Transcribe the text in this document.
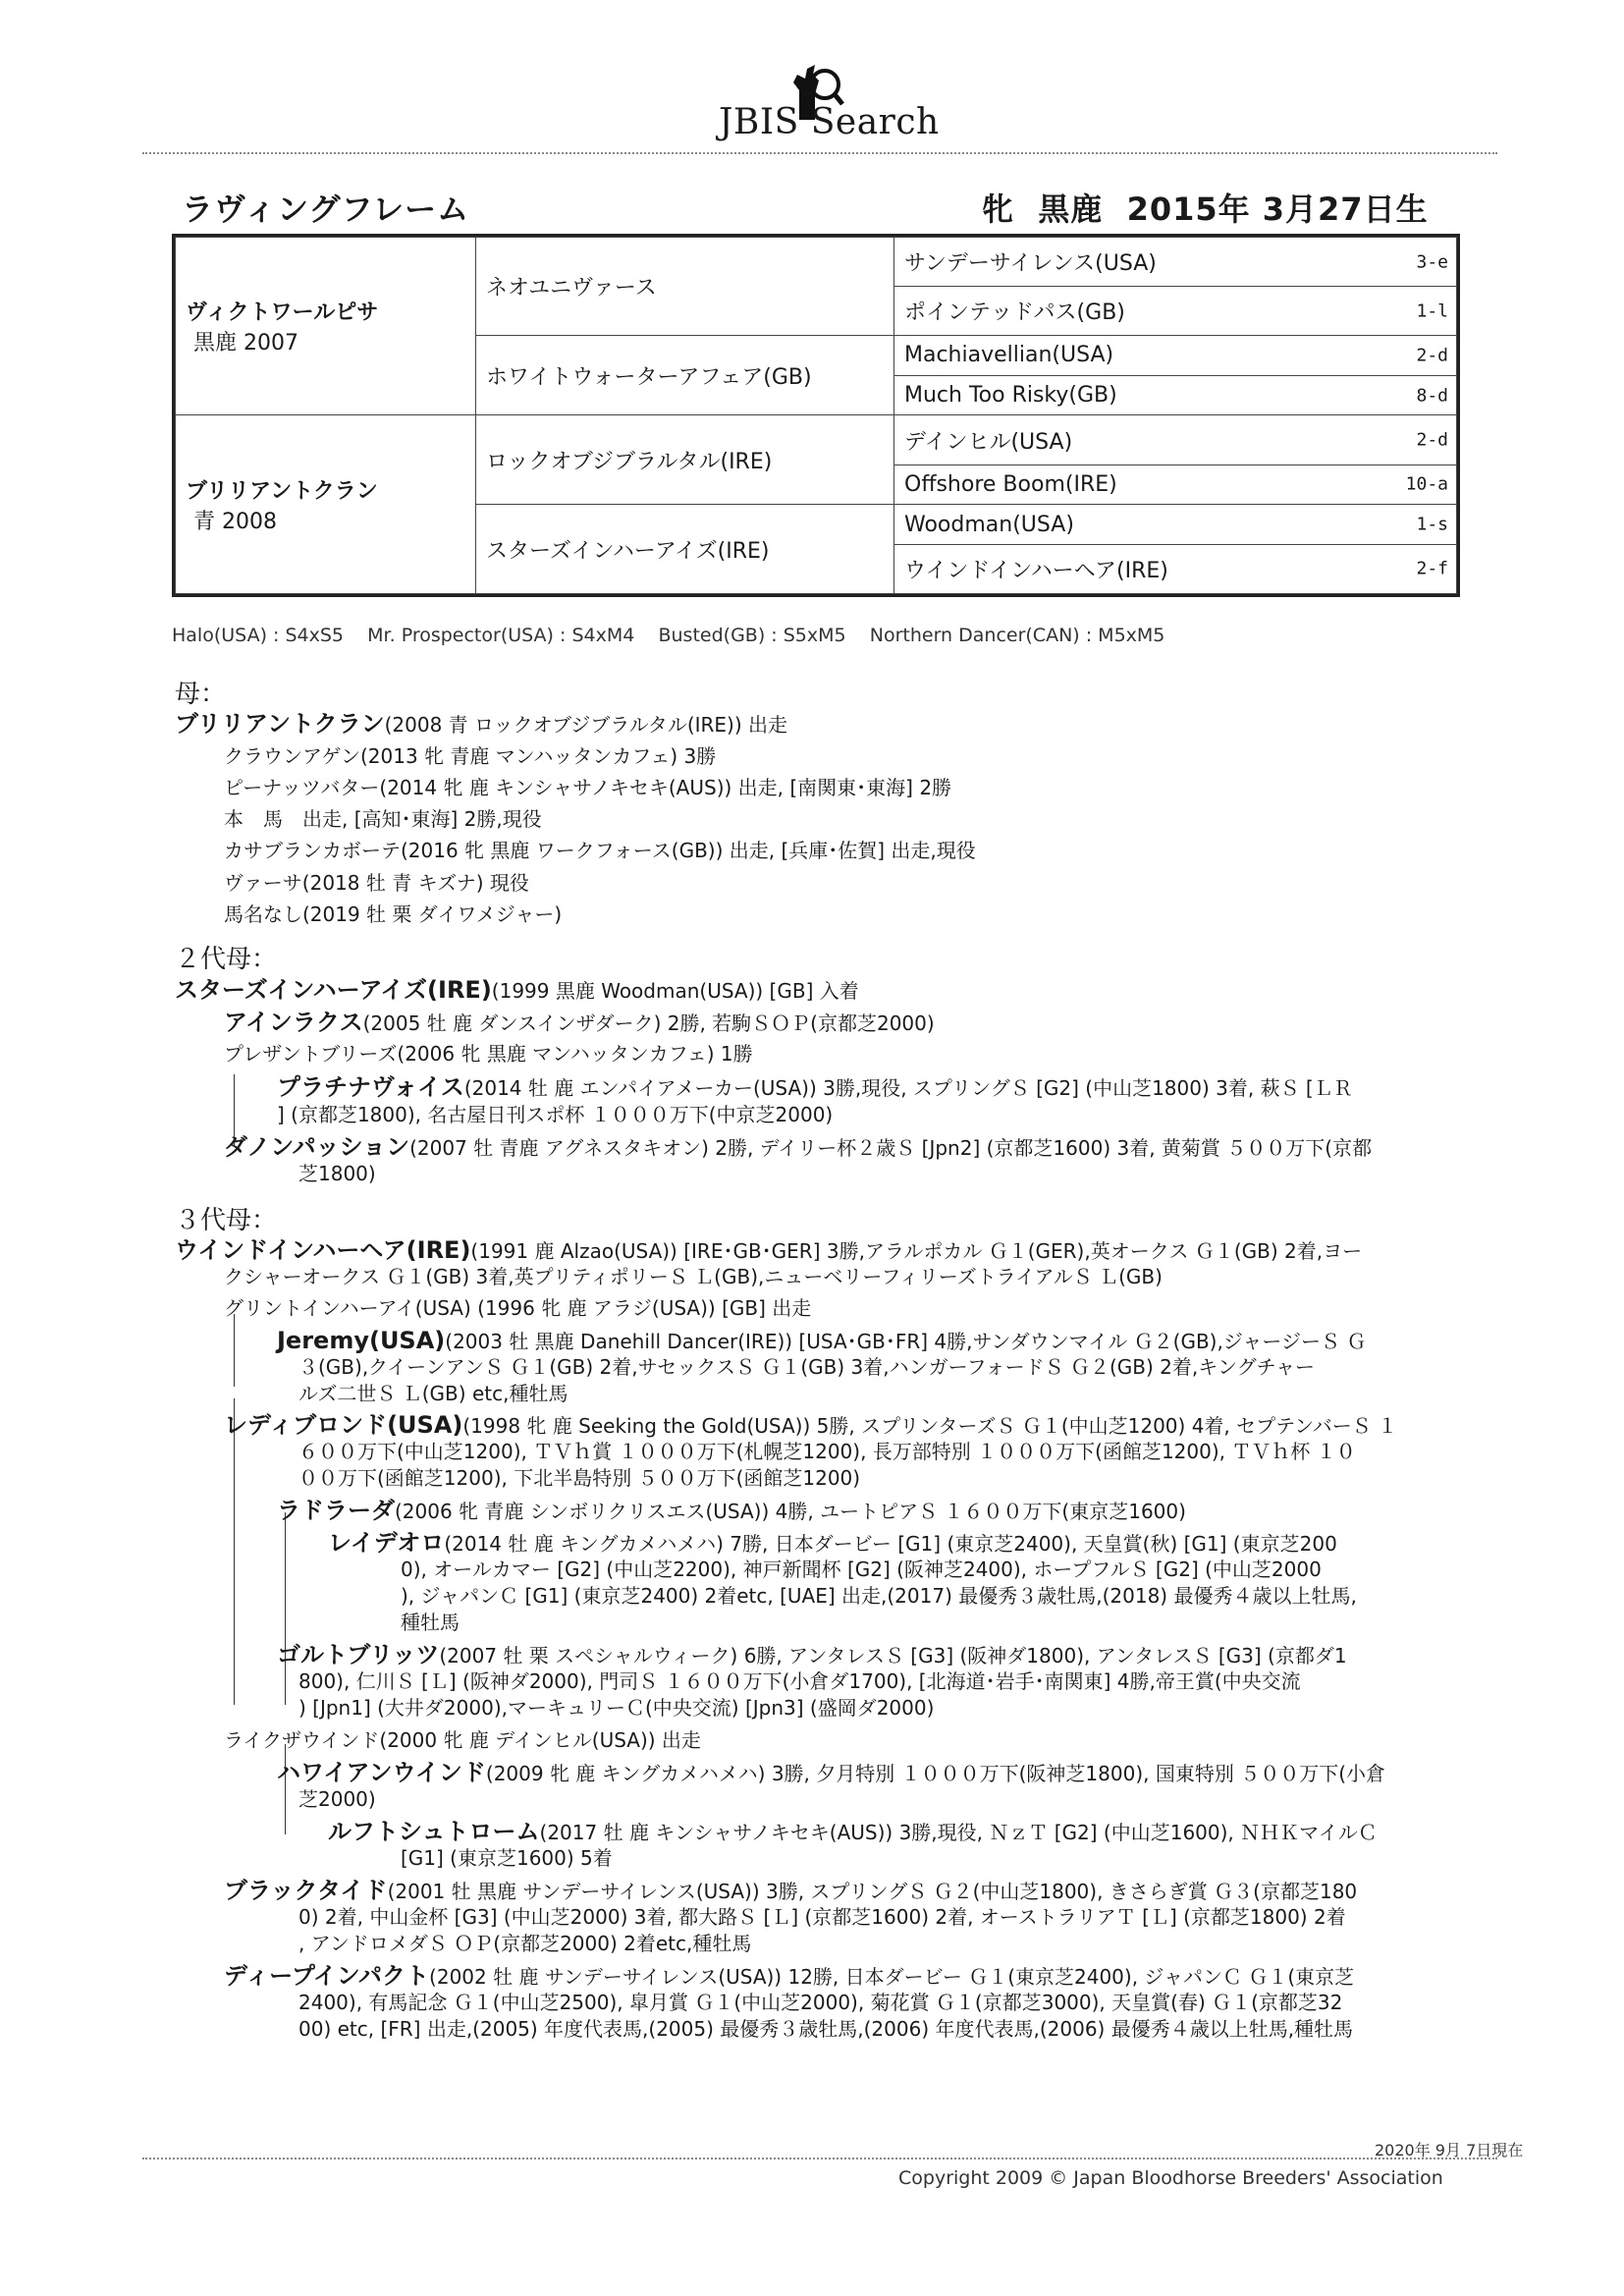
JBIS Search
ラヴィングフレーム	牝  黒鹿  2015年 3月27日生
ヴィクトワールピサ
黒鹿 2007	ネオユニヴァース	サンデーサイレンス(USA) 3-e

		ポインテッドパス(GB) 1-l

	ホワイトウォーターアフェア(GB)	Machiavellian(USA) 2-d

		Much Too Risky(GB) 8-d

ブリリアントクラン
青 2008	ロックオブジブラルタル(IRE)	デインヒル(USA) 2-d

		Offshore Boom(IRE) 10-a

	スターズインハーアイズ(IRE)	Woodman(USA) 1-s

		ウインドインハーヘア(IRE) 2-f
Halo(USA) : S4xS5    Mr. Prospector(USA) : S4xM4    Busted(GB) : S5xM5    Northern Dancer(CAN) : M5xM5
母：
２代母：
３代母：
ブリリアントクラン(2008 青 ロックオブジブラルタル(IRE)) 出走
クラウンアゲン(2013 牝 青鹿 マンハッタンカフェ) 3勝
ピーナッツバター(2014 牝 鹿 キンシャサノキセキ(AUS)) 出走, [南関東･東海] 2勝
本　馬　出走, [高知･東海] 2勝,現役
カサブランカボーテ(2016 牝 黒鹿 ワークフォース(GB)) 出走, [兵庫･佐賀] 出走,現役
ヴァーサ(2018 牡 青 キズナ) 現役
馬名なし(2019 牡 栗 ダイワメジャー)
スターズインハーアイズ(IRE)(1999 黒鹿 Woodman(USA)) [GB] 入着
アインラクス(2005 牡 鹿 ダンスインザダーク) 2勝, 若駒ＳＯＰ(京都芝2000)
プレザントブリーズ(2006 牝 黒鹿 マンハッタンカフェ) 1勝
プラチナヴォイス(2014 牡 鹿 エンパイアメーカー(USA)) 3勝,現役, スプリングＳ [G2] (中山芝1800) 3着, 萩Ｓ [ＬＲ
] (京都芝1800), 名古屋日刊スポ杯 １０００万下(中京芝2000)
ダノンパッション(2007 牡 青鹿 アグネスタキオン) 2勝, デイリー杯２歳Ｓ [Jpn2] (京都芝1600) 3着, 黄菊賞 ５００万下(京都
芝1800)
ウインドインハーヘア(IRE)(1991 鹿 Alzao(USA)) [IRE･GB･GER] 3勝,アラルポカル Ｇ１(GER),英オークス Ｇ１(GB) 2着,ヨー
クシャーオークス Ｇ１(GB) 3着,英プリティポリーＳ Ｌ(GB),ニューベリーフィリーズトライアルＳ Ｌ(GB)
グリントインハーアイ(USA) (1996 牝 鹿 アラジ(USA)) [GB] 出走
Jeremy(USA)(2003 牡 黒鹿 Danehill Dancer(IRE)) [USA･GB･FR] 4勝,サンダウンマイル Ｇ２(GB),ジャージーＳ Ｇ
３(GB),クイーンアンＳ Ｇ１(GB) 2着,サセックスＳ Ｇ１(GB) 3着,ハンガーフォードＳ Ｇ２(GB) 2着,キングチャー
ルズ二世Ｓ Ｌ(GB) etc,種牡馬
レディブロンド(USA)(1998 牝 鹿 Seeking the Gold(USA)) 5勝, スプリンターズＳ Ｇ１(中山芝1200) 4着, セプテンバーＳ １
６００万下(中山芝1200), ＴＶｈ賞 １０００万下(札幌芝1200), 長万部特別 １０００万下(函館芝1200), ＴＶｈ杯 １０
００万下(函館芝1200), 下北半島特別 ５００万下(函館芝1200)
ラドラーダ(2006 牝 青鹿 シンボリクリスエス(USA)) 4勝, ユートピアＳ １６００万下(東京芝1600)
レイデオロ(2014 牡 鹿 キングカメハメハ) 7勝, 日本ダービー [G1] (東京芝2400), 天皇賞(秋) [G1] (東京芝200
0), オールカマー [G2] (中山芝2200), 神戸新聞杯 [G2] (阪神芝2400), ホープフルＳ [G2] (中山芝2000
), ジャパンＣ [G1] (東京芝2400) 2着etc, [UAE] 出走,(2017) 最優秀３歳牡馬,(2018) 最優秀４歳以上牡馬,
種牡馬
ゴルトブリッツ(2007 牡 栗 スペシャルウィーク) 6勝, アンタレスＳ [G3] (阪神ダ1800), アンタレスＳ [G3] (京都ダ1
800), 仁川Ｓ [Ｌ] (阪神ダ2000), 門司Ｓ １６００万下(小倉ダ1700), [北海道･岩手･南関東] 4勝,帝王賞(中央交流
) [Jpn1] (大井ダ2000),マーキュリーＣ(中央交流) [Jpn3] (盛岡ダ2000)
ライクザウインド(2000 牝 鹿 デインヒル(USA)) 出走
ハワイアンウインド(2009 牝 鹿 キングカメハメハ) 3勝, 夕月特別 １０００万下(阪神芝1800), 国東特別 ５００万下(小倉
芝2000)
ルフトシュトローム(2017 牡 鹿 キンシャサノキセキ(AUS)) 3勝,現役, ＮｚＴ [G2] (中山芝1600), ＮＨＫマイルＣ
[G1] (東京芝1600) 5着
ブラックタイド(2001 牡 黒鹿 サンデーサイレンス(USA)) 3勝, スプリングＳ Ｇ２(中山芝1800), きさらぎ賞 Ｇ３(京都芝180
0) 2着, 中山金杯 [G3] (中山芝2000) 3着, 都大路Ｓ [Ｌ] (京都芝1600) 2着, オーストラリアＴ [Ｌ] (京都芝1800) 2着
, アンドロメダＳ ＯＰ(京都芝2000) 2着etc,種牡馬
ディープインパクト(2002 牡 鹿 サンデーサイレンス(USA)) 12勝, 日本ダービー Ｇ１(東京芝2400), ジャパンＣ Ｇ１(東京芝
2400), 有馬記念 Ｇ１(中山芝2500), 皐月賞 Ｇ１(中山芝2000), 菊花賞 Ｇ１(京都芝3000), 天皇賞(春) Ｇ１(京都芝32
00) etc, [FR] 出走,(2005) 年度代表馬,(2005) 最優秀３歳牡馬,(2006) 年度代表馬,(2006) 最優秀４歳以上牡馬,種牡馬
2020年 9月 7日現在
Copyright 2009 © Japan Bloodhorse Breeders' Association
